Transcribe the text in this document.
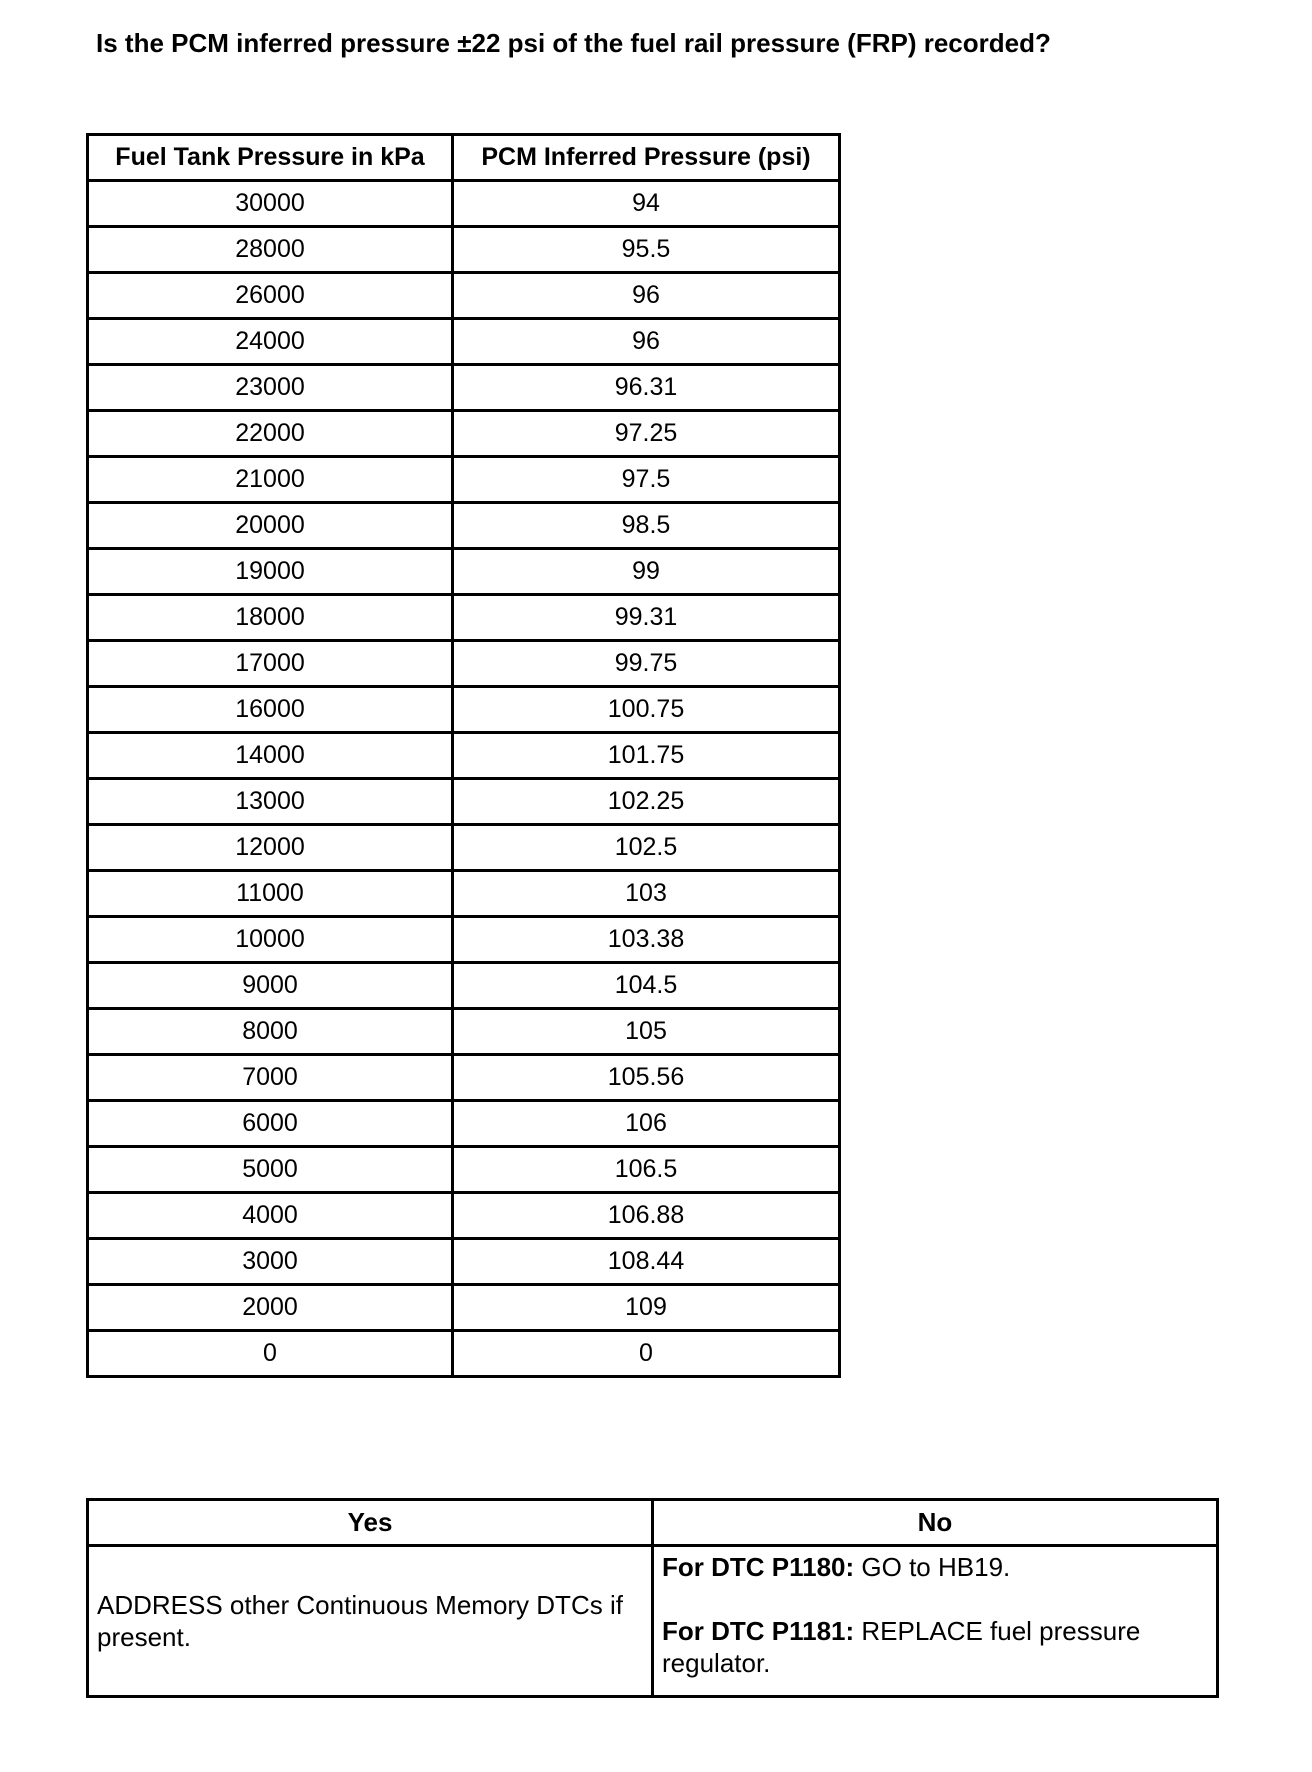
Is the PCM inferred pressure ±22 psi of the fuel rail pressure (FRP) recorded?
Fuel Tank Pressure in kPa	PCM Inferred Pressure (psi)
30000	94
28000	95.5
26000	96
24000	96
23000	96.31
22000	97.25
21000	97.5
20000	98.5
19000	99
18000	99.31
17000	99.75
16000	100.75
14000	101.75
13000	102.25
12000	102.5
11000	103
10000	103.38
9000	104.5
8000	105
7000	105.56
6000	106
5000	106.5
4000	106.88
3000	108.44
2000	109
0	0
Yes	No
ADDRESS other Continuous Memory DTCs if present.	For DTC P1180: GO to HB19.

For DTC P1181: REPLACE fuel pressure regulator.
